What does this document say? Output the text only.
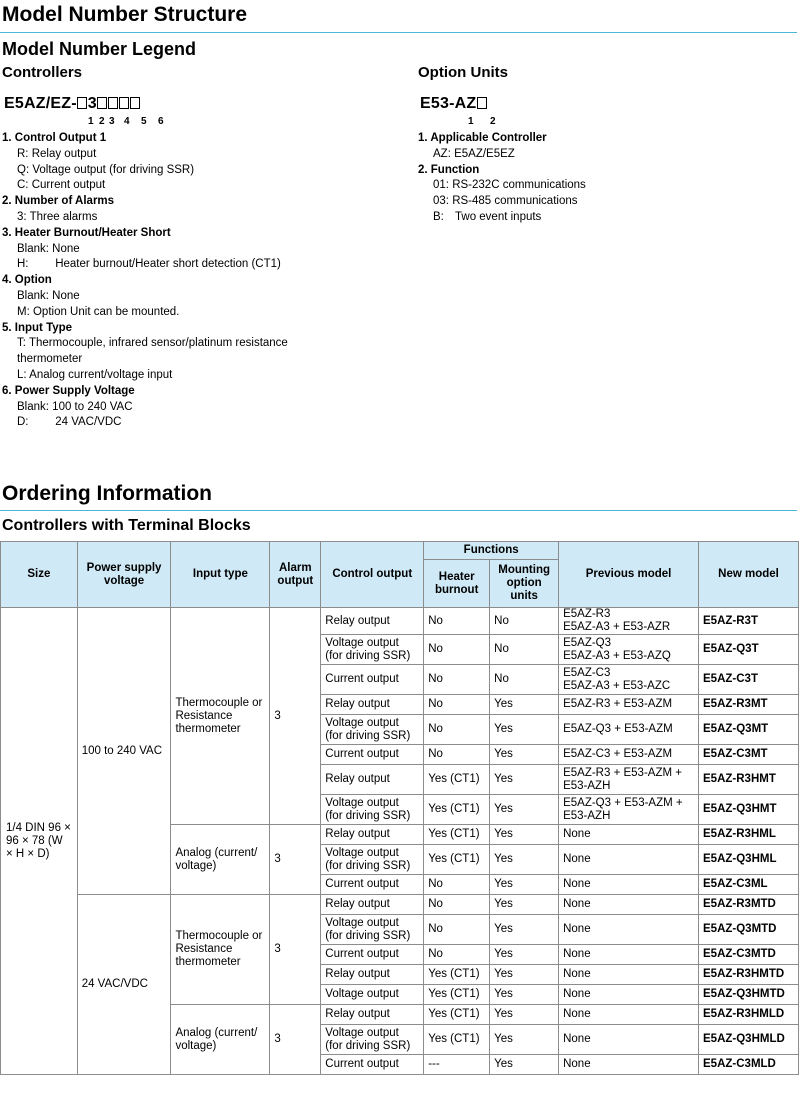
Model Number Structure
Model Number Legend
Controllers
E5AZ/EZ- 3
1 2 3 4 5 6
1. Control Output 1
R: Relay output
Q: Voltage output (for driving SSR)
C: Current output
2. Number of Alarms
3: Three alarms
3. Heater Burnout/Heater Short
Blank: None
H: Heater burnout/Heater short detection (CT1)
4. Option
Blank: None
M: Option Unit can be mounted.
5. Input Type
T: Thermocouple, infrared sensor/platinum resistance thermometer
L: Analog current/voltage input
6. Power Supply Voltage
Blank: 100 to 240 VAC
D: 24 VAC/VDC
Option Units
E53-AZ
1 2
1. Applicable Controller
AZ: E5AZ/E5EZ
2. Function
01: RS-232C communications
03: RS-485 communications
B: Two event inputs
Ordering Information
Controllers with Terminal Blocks
Size	Power supply voltage	Input type	Alarm output	Control output	Functions		Previous model	New model
					Heater burnout	Mounting option units		
1/4 DIN 96 × 96 × 78 (W × H × D)	100 to 240 VAC	Thermocouple or Resistance thermometer	3	Relay output	No	No	E5AZ-R3
E5AZ-A3 + E53-AZR	E5AZ-R3T
				Voltage output
(for driving SSR)	No	No	E5AZ-Q3
E5AZ-A3 + E53-AZQ	E5AZ-Q3T
				Current output	No	No	E5AZ-C3
E5AZ-A3 + E53-AZC	E5AZ-C3T
				Relay output	No	Yes	E5AZ-R3 + E53-AZM	E5AZ-R3MT
				Voltage output
(for driving SSR)	No	Yes	E5AZ-Q3 + E53-AZM	E5AZ-Q3MT
				Current output	No	Yes	E5AZ-C3 + E53-AZM	E5AZ-C3MT
				Relay output	Yes (CT1)	Yes	E5AZ-R3 + E53-AZM +
E53-AZH	E5AZ-R3HMT
				Voltage output
(for driving SSR)	Yes (CT1)	Yes	E5AZ-Q3 + E53-AZM +
E53-AZH	E5AZ-Q3HMT
		Analog (current/ voltage)	3	Relay output	Yes (CT1)	Yes	None	E5AZ-R3HML
				Voltage output
(for driving SSR)	Yes (CT1)	Yes	None	E5AZ-Q3HML
				Current output	No	Yes	None	E5AZ-C3ML
	24 VAC/VDC	Thermocouple or Resistance thermometer	3	Relay output	No	Yes	None	E5AZ-R3MTD
				Voltage output
(for driving SSR)	No	Yes	None	E5AZ-Q3MTD
				Current output	No	Yes	None	E5AZ-C3MTD
				Relay output	Yes (CT1)	Yes	None	E5AZ-R3HMTD
				Voltage output	Yes (CT1)	Yes	None	E5AZ-Q3HMTD
		Analog (current/ voltage)	3	Relay output	Yes (CT1)	Yes	None	E5AZ-R3HMLD
				Voltage output
(for driving SSR)	Yes (CT1)	Yes	None	E5AZ-Q3HMLD
				Current output	---	Yes	None	E5AZ-C3MLD
